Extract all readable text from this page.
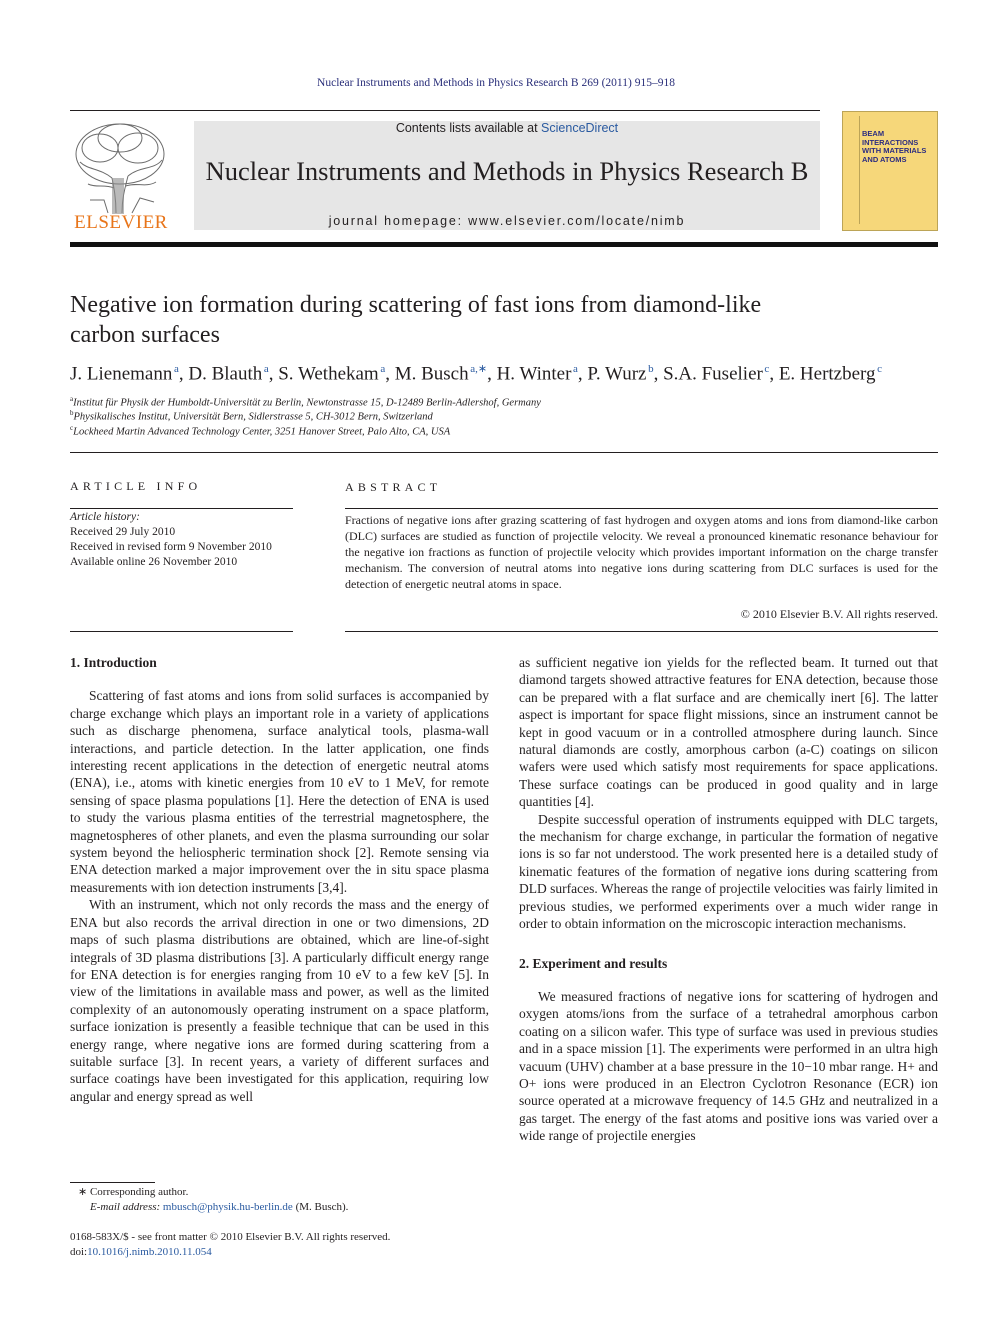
Nuclear Instruments and Methods in Physics Research B 269 (2011) 915–918
ELSEVIER
Contents lists available at ScienceDirect
Nuclear Instruments and Methods in Physics Research B
journal homepage: www.elsevier.com/locate/nimb
BEAM INTERACTIONS WITH MATERIALS AND ATOMS
Negative ion formation during scattering of fast ions from diamond-like
carbon surfaces
J. Lienemann  $^a$, D. Blauth  $^a$, S. Wethekam  $^a$, M. Busch  $^{a,∗}$, H. Winter  $^a$, P. Wurz  $^b$, S.A. Fuselier  $^c$, E. Hertzberg  $^c$
$^a$Institut für Physik der Humboldt-Universität zu Berlin, Newtonstrasse 15, D-12489 Berlin-Adlershof, Germany
$^b$Physikalisches Institut, Universität Bern, Sidlerstrasse 5, CH-3012 Bern, Switzerland
$^c$Lockheed Martin Advanced Technology Center, 3251 Hanover Street, Palo Alto, CA, USA
ARTICLE INFO	ABSTRACT
Article history:
Received 29 July 2010
Received in revised form 9 November 2010
Available online 26 November 2010
Fractions of negative ions after grazing scattering of fast hydrogen and oxygen atoms and ions from diamond-like carbon (DLC) surfaces are studied as function of projectile velocity. We reveal a pronounced kinematic resonance behaviour for the negative ion fractions as function of projectile velocity which provides important information on the charge transfer mechanism. The conversion of neutral atoms into negative ions during scattering from DLC surfaces is used for the detection of energetic neutral atoms in space.
© 2010 Elsevier B.V. All rights reserved.
1. Introduction

Scattering of fast atoms and ions from solid surfaces is accompanied by charge exchange which plays an important role in a variety of applications such as discharge phenomena, surface analytical tools, plasma-wall interactions, and particle detection. In the latter application, one finds interesting recent applications in the detection of energetic neutral atoms (ENA), i.e., atoms with kinetic energies from 10 eV to 1 MeV, for remote sensing of space plasma populations [1]. Here the detection of ENA is used to study the various plasma entities of the terrestrial magnetosphere, the magnetospheres of other planets, and even the plasma surrounding our solar system beyond the heliospheric termination shock [2]. Remote sensing via ENA detection marked a major improvement over the in situ space plasma measurements with ion detection instruments [3,4].

With an instrument, which not only records the mass and the energy of ENA but also records the arrival direction in one or two dimensions, 2D maps of such plasma distributions are obtained, which are line-of-sight integrals of 3D plasma distributions [3]. A particularly difficult energy range for ENA detection is for energies ranging from 10 eV to a few keV [5]. In view of the limitations in available mass and power, as well as the limited complexity of an autonomously operating instrument on a space platform, surface ionization is presently a feasible technique that can be used in this energy range, where negative ions are formed during scattering from a suitable surface [3]. In recent years, a variety of different surfaces and surface coatings have been investigated for this application, requiring low angular and energy spread as well

as sufficient negative ion yields for the reflected beam. It turned out that diamond targets showed attractive features for ENA detection, because those can be prepared with a flat surface and are chemically inert [6]. The latter aspect is important for space flight missions, since an instrument cannot be kept in good vacuum or in a controlled atmosphere during launch. Since natural diamonds are costly, amorphous carbon (a-C) coatings on silicon wafers were used which satisfy most requirements for space applications. These surface coatings can be produced in good quality and in large quantities [4].

Despite successful operation of instruments equipped with DLC targets, the mechanism for charge exchange, in particular the formation of negative ions is so far not understood. The work presented here is a detailed study of kinematic features of the formation of negative ions during scattering from DLD surfaces. Whereas the range of projectile velocities was fairly limited in previous studies, we performed experiments over a much wider range in order to obtain information on the microscopic interaction mechanisms.

2. Experiment and results

We measured fractions of negative ions for scattering of hydrogen and oxygen atoms/ions from the surface of a tetrahedral amorphous carbon coating on a silicon wafer. This type of surface was used in previous studies and in a space mission [1]. The experiments were performed in an ultra high vacuum (UHV) chamber at a base pressure in the 10−10 mbar range. H+ and O+ ions were produced in an Electron Cyclotron Resonance (ECR) ion source operated at a microwave frequency of 14.5 GHz and neutralized in a gas target. The energy of the fast atoms and positive ions was varied over a wide range of projectile energies

∗ Corresponding author.
E-mail address: mbusch@physik.hu-berlin.de (M. Busch).
0168-583X/$ - see front matter © 2010 Elsevier B.V. All rights reserved.
doi:10.1016/j.nimb.2010.11.054
